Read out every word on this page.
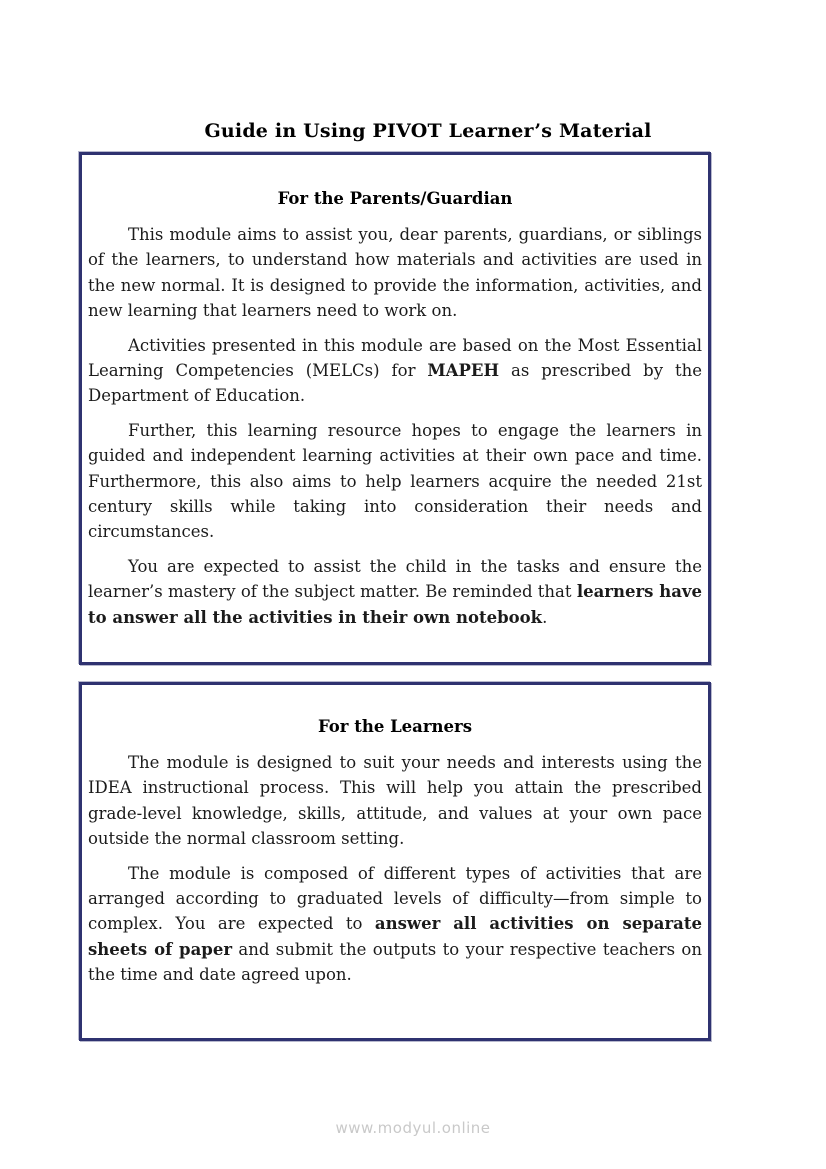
Guide in Using PIVOT Learner’s Material
For the Parents/Guardian

This module aims to assist you, dear parents, guardians, or siblings of the learners, to understand how materials and activities are used in the new normal. It is designed to provide the information, activities, and new learning that learners need to work on.

Activities presented in this module are based on the Most Essential Learning Competencies (MELCs) for MAPEH as prescribed by the Department of Education.

Further, this learning resource hopes to engage the learners in guided and independent learning activities at their own pace and time. Furthermore, this also aims to help learners acquire the needed 21st century skills while taking into consideration their needs and circumstances.

You are expected to assist the child in the tasks and ensure the learner’s mastery of the subject matter. Be reminded that learners have to answer all the activities in their own notebook.

For the Learners

The module is designed to suit your needs and interests using the IDEA instructional process. This will help you attain the prescribed grade-level knowledge, skills, attitude, and values at your own pace outside the normal classroom setting.

The module is composed of different types of activities that are arranged according to graduated levels of difficulty—from simple to complex. You are expected to answer all activities on separate sheets of paper and submit the outputs to your respective teachers on the time and date agreed upon.

www.modyul.online
